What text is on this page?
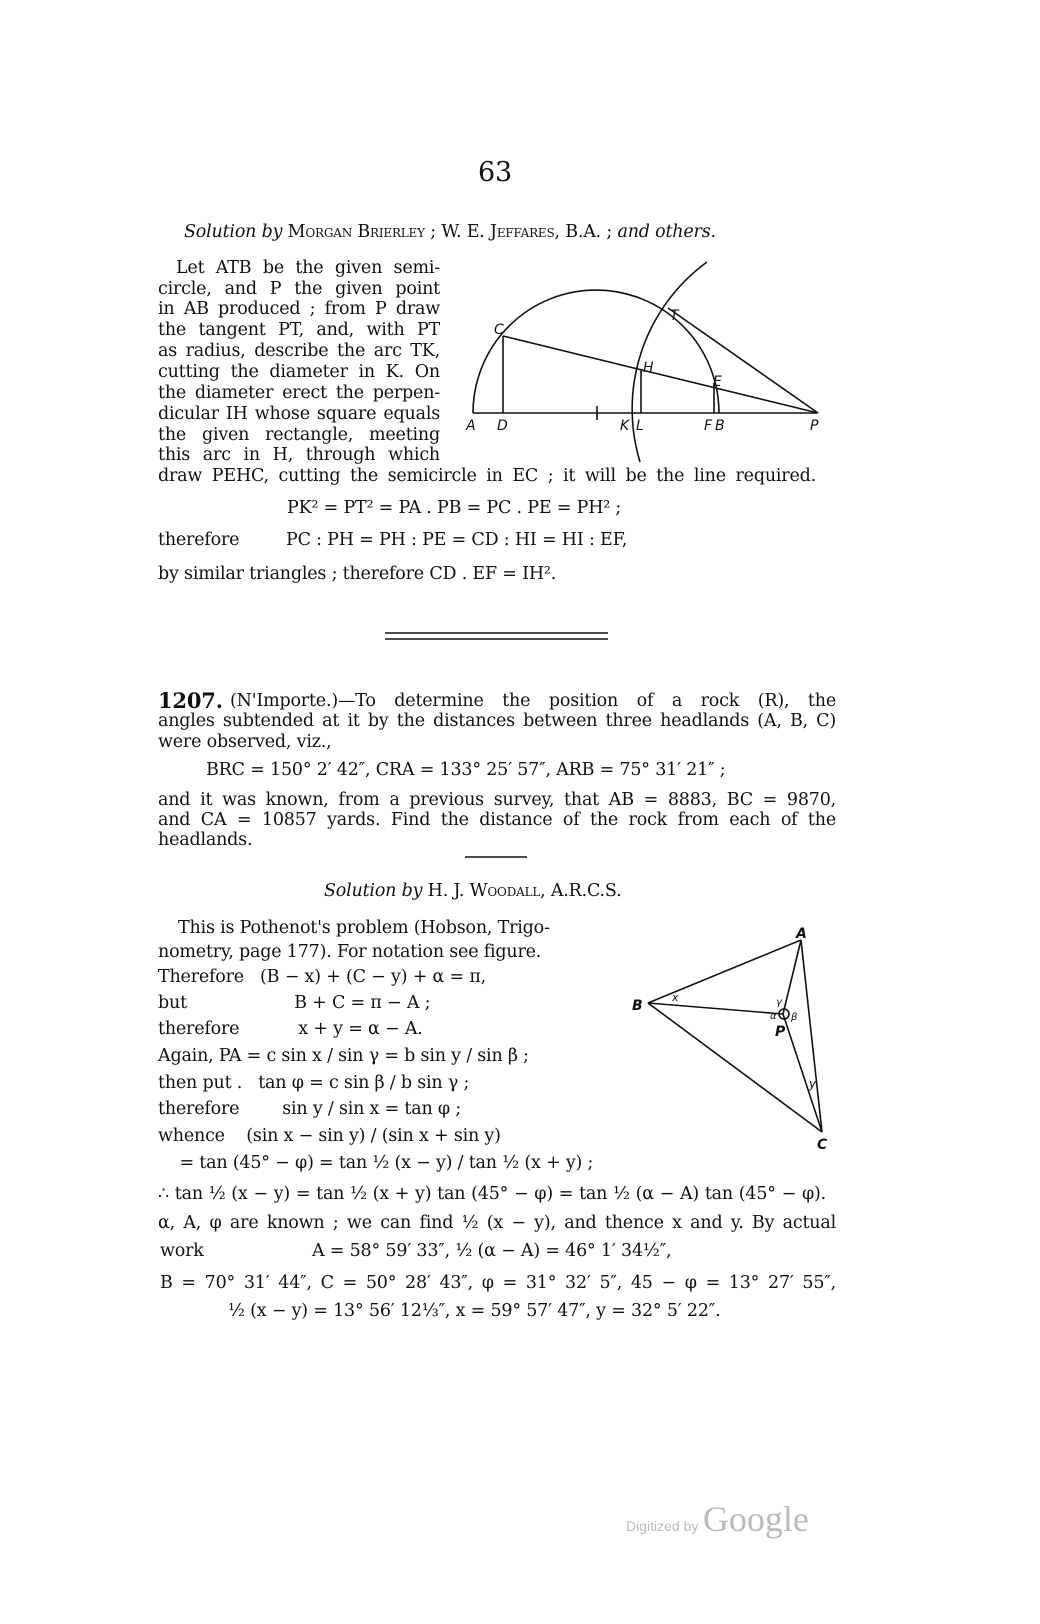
63
Solution by Morgan Brierley ; W. E. Jeffares, B.A. ; and others.
Let ATB be the given semi-
circle, and P the given point
in AB produced ; from P draw
the tangent PT, and, with PT
as radius, describe the arc TK,
cutting the diameter in K. On
the diameter erect the perpen-
dicular IH whose square equals
the given rectangle, meeting
this arc in H, through which
draw PEHC, cutting the semicircle in EC ; it will be the line required.
PK² = PT² = PA . PB = PC . PE = PH² ;
therefore	PC : PH = PH : PE = CD : HI = HI : EF,
by similar triangles ; therefore CD . EF = IH².
A D	K L	F B	P
C
H
E
T
A
B
C
P
x
y
α β
γ
1207. (N'Importe.)—To determine the position of a rock (R), the
angles subtended at it by the distances between three headlands (A, B, C)
were observed, viz.,
BRC = 150° 2′ 42″, CRA = 133° 25′ 57″, ARB = 75° 31′ 21″ ;
and it was known, from a previous survey, that AB = 8883, BC = 9870,
and CA = 10857 yards. Find the distance of the rock from each of the
headlands.
Solution by H. J. Woodall, A.R.C.S.
This is Pothenot's problem (Hobson, Trigo-
nometry, page 177). For notation see figure.
Therefore   (B − x) + (C − y) + α = π,
but                    B + C = π − A ;
therefore           x + y = α − A.
Again, PA = c sin x / sin γ = b sin y / sin β ;
then put .   tan φ = c sin β / b sin γ ;
therefore        sin y / sin x = tan φ ;
whence    (sin x − sin y) / (sin x + sin y)
= tan (45° − φ) = tan ½ (x − y) / tan ½ (x + y) ;
∴ tan ½ (x − y) = tan ½ (x + y) tan (45° − φ) = tan ½ (α − A) tan (45° − φ).
α, A, φ are known ; we can find ½ (x − y), and thence x and y. By actual
work	A = 58° 59′ 33″, ½ (α − A) = 46° 1′ 34½″,
B = 70° 31′ 44″, C = 50° 28′ 43″, φ = 31° 32′ 5″, 45 − φ = 13° 27′ 55″,
½ (x − y) = 13° 56′ 12⅓″, x = 59° 57′ 47″, y = 32° 5′ 22″.
Digitized by Google
